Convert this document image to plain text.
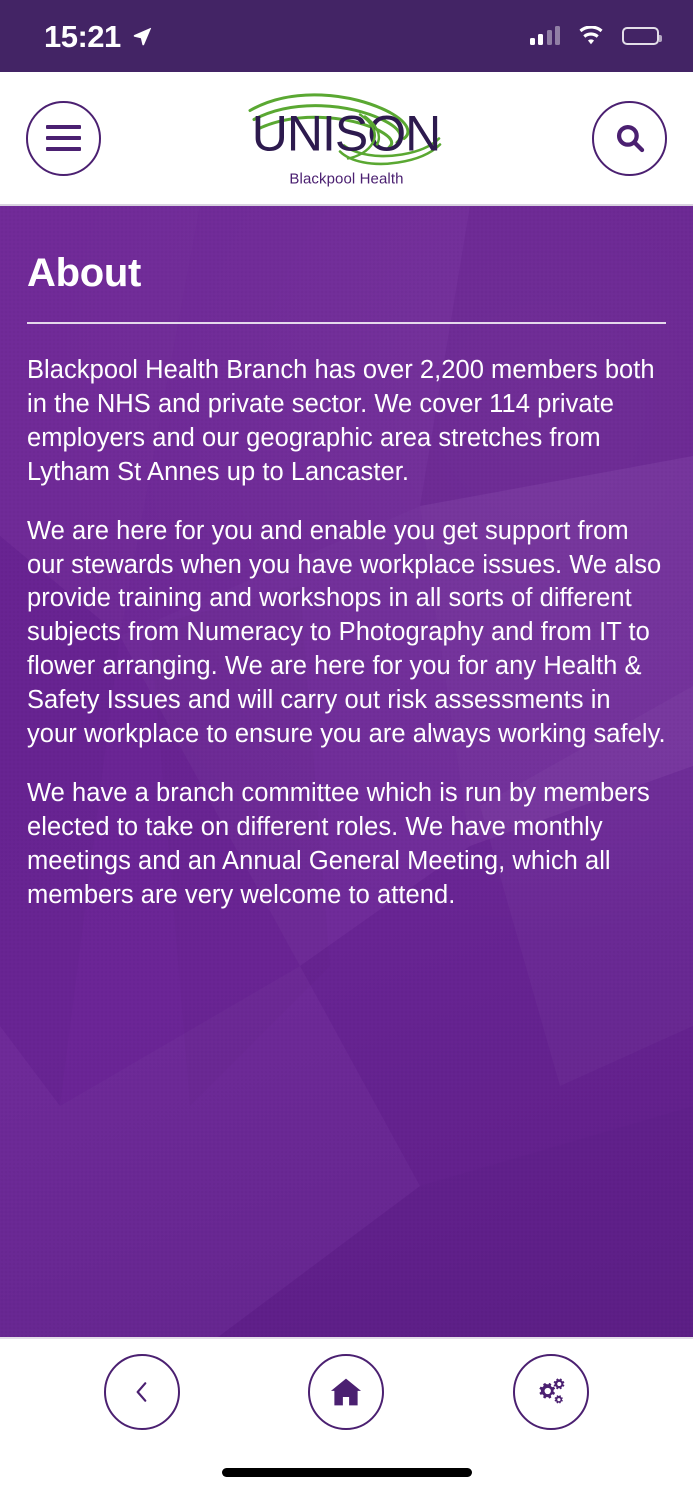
15:21
UNISON
Blackpool Health
About

Blackpool Health Branch has over 2,200 members both in the NHS and private sector. We cover 114 private employers and our geographic area stretches from Lytham St Annes up to Lancaster.

We are here for you and enable you get support from our stewards when you have workplace issues. We also provide training and workshops in all sorts of different subjects from Numeracy to Photography and from IT to flower arranging. We are here for you for any Health & Safety Issues and will carry out risk assessments in your workplace to ensure you are always working safely.

We have a branch committee which is run by members elected to take on different roles. We have monthly meetings and an Annual General Meeting, which all members are very welcome to attend.
